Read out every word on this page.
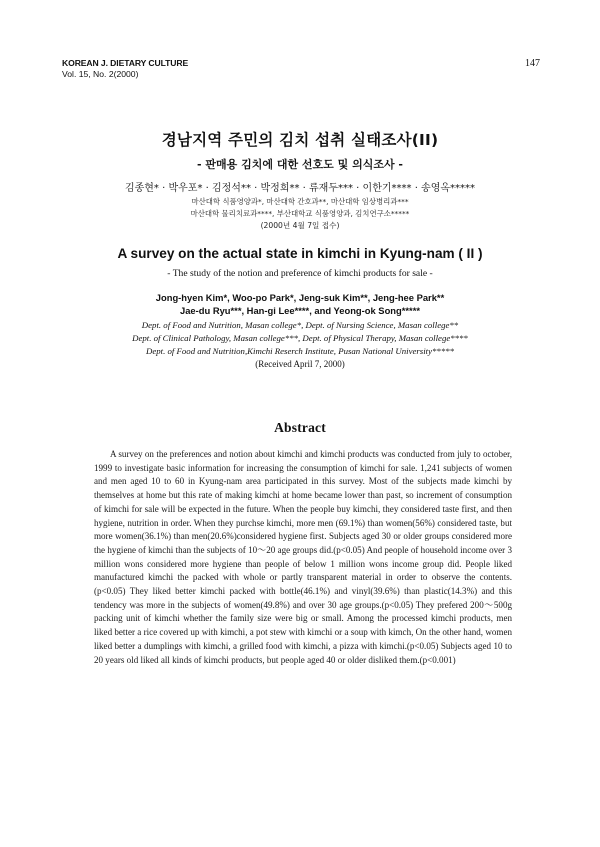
KOREAN J. DIETARY CULTURE
Vol. 15, No. 2(2000)
147
경남지역 주민의 김치 섭취 실태조사(II)
- 판매용 김치에 대한 선호도 및 의식조사 -
김종현* · 박우포* · 김정석** · 박정희** · 류재두*** · 이한기**** · 송영옥*****
마산대학 식품영양과*, 마산대학 간호과**, 마산대학 임상병리과***
마산대학 물리치료과****, 부산대학교 식품영양과, 김치연구소*****
(2000년 4월 7일 접수)
A survey on the actual state in kimchi in Kyung-nam ( II )
- The study of the notion and preference of kimchi products for sale -
Jong-hyen Kim*, Woo-po Park*, Jeng-suk Kim**, Jeng-hee Park**
Jae-du Ryu***, Han-gi Lee****, and Yeong-ok Song*****
Dept. of Food and Nutrition, Masan college*, Dept. of Nursing Science, Masan college**
Dept. of Clinical Pathology, Masan college***, Dept. of Physical Therapy, Masan college****
Dept. of Food and Nutrition,Kimchi Reserch Institute, Pusan National University*****
(Received April 7, 2000)
Abstract

A survey on the preferences and notion about kimchi and kimchi products was conducted from july to october, 1999 to investigate basic information for increasing the consumption of kimchi for sale. 1,241 subjects of women and men aged 10 to 60 in Kyung-nam area participated in this survey. Most of the subjects made kimchi by themselves at home but this rate of making kimchi at home became lower than past, so increment of consumption of kimchi for sale will be expected in the future. When the people buy kimchi, they considered taste first, and then hygiene, nutrition in order. When they purchse kimchi, more men (69.1%) than women(56%) considered taste, but more women(36.1%) than men(20.6%)considered hygiene first. Subjects aged 30 or older groups considered more the hygiene of kimchi than the subjects of 10～20 age groups did.(p<0.05) And people of household income over 3 million wons considered more hygiene than people of below 1 million wons income group did. People liked manufactured kimchi the packed with whole or partly transparent material in order to observe the contents.(p<0.05) They liked better kimchi packed with bottle(46.1%) and vinyl(39.6%) than plastic(14.3%) and this tendency was more in the subjects of women(49.8%) and over 30 age groups.(p<0.05) They prefered 200～500g packing unit of kimchi whether the family size were big or small. Among the processed kimchi products, men liked better a rice covered up with kimchi, a pot stew with kimchi or a soup with kimch, On the other hand, women liked better a dumplings with kimchi, a grilled food with kimchi, a pizza with kimchi.(p<0.05) Subjects aged 10 to 20 years old liked all kinds of kimchi products, but people aged 40 or older disliked them.(p<0.001)
